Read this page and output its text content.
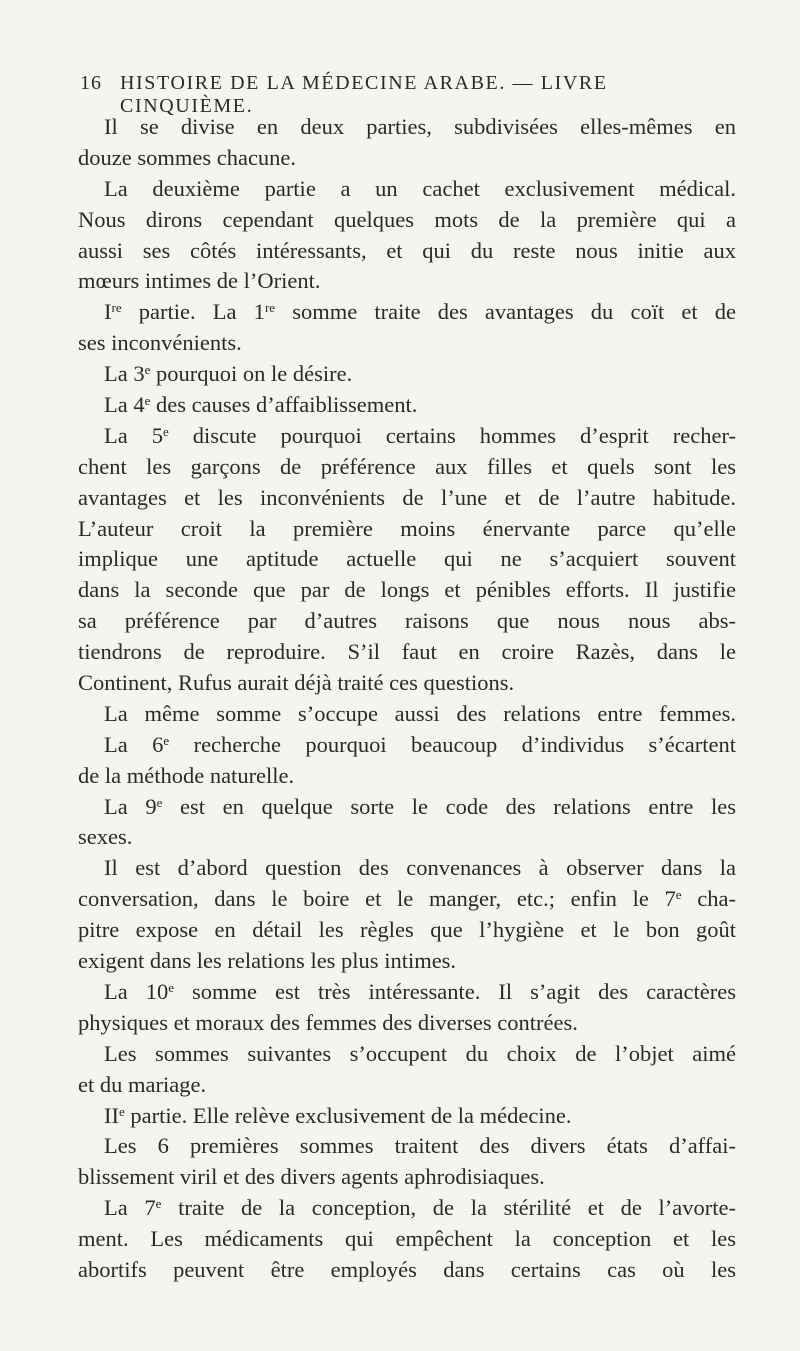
16 HISTOIRE DE LA MÉDECINE ARABE. — LIVRE CINQUIÈME.
Il se divise en deux parties, subdivisées elles-mêmes en
douze sommes chacune.
La deuxième partie a un cachet exclusivement médical.
Nous dirons cependant quelques mots de la première qui a
aussi ses côtés intéressants, et qui du reste nous initie aux
mœurs intimes de l’Orient.
Ire partie. La 1re somme traite des avantages du coït et de
ses inconvénients.
La 3e pourquoi on le désire.
La 4e des causes d’affaiblissement.
La 5e discute pourquoi certains hommes d’esprit recher-
chent les garçons de préférence aux filles et quels sont les
avantages et les inconvénients de l’une et de l’autre habitude.
L’auteur croit la première moins énervante parce qu’elle
implique une aptitude actuelle qui ne s’acquiert souvent
dans la seconde que par de longs et pénibles efforts. Il justifie
sa préférence par d’autres raisons que nous nous abs-
tiendrons de reproduire. S’il faut en croire Razès, dans le
Continent, Rufus aurait déjà traité ces questions.
La même somme s’occupe aussi des relations entre femmes.
La 6e recherche pourquoi beaucoup d’individus s’écartent
de la méthode naturelle.
La 9e est en quelque sorte le code des relations entre les
sexes.
Il est d’abord question des convenances à observer dans la
conversation, dans le boire et le manger, etc.; enfin le 7e cha-
pitre expose en détail les règles que l’hygiène et le bon goût
exigent dans les relations les plus intimes.
La 10e somme est très intéressante. Il s’agit des caractères
physiques et moraux des femmes des diverses contrées.
Les sommes suivantes s’occupent du choix de l’objet aimé
et du mariage.
IIe partie. Elle relève exclusivement de la médecine.
Les 6 premières sommes traitent des divers états d’affai-
blissement viril et des divers agents aphrodisiaques.
La 7e traite de la conception, de la stérilité et de l’avorte-
ment. Les médicaments qui empêchent la conception et les
abortifs peuvent être employés dans certains cas où les
